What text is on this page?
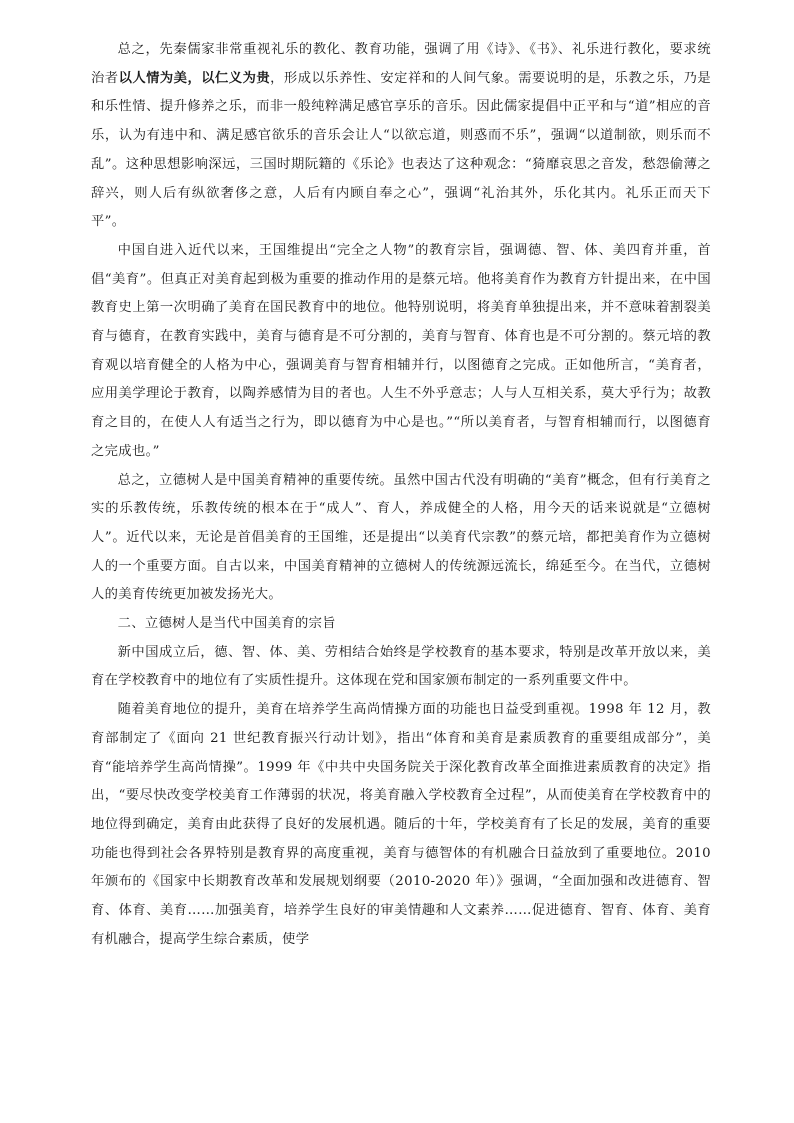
总之，先秦儒家非常重视礼乐的教化、教育功能，强调了用《诗》、《书》、礼乐进行教化，要求统治者以人情为美，以仁义为贵，形成以乐养性、安定祥和的人间气象。需要说明的是，乐教之乐，乃是和乐性情、提升修养之乐，而非一般纯粹满足感官享乐的音乐。因此儒家提倡中正平和与“道”相应的音乐，认为有违中和、满足感官欲乐的音乐会让人“以欲忘道，则惑而不乐”，强调“以道制欲，则乐而不乱”。这种思想影响深远，三国时期阮籍的《乐论》也表达了这种观念：“猗靡哀思之音发，愁怨偷薄之辞兴，则人后有纵欲奢侈之意，人后有内顾自奉之心”，强调“礼治其外，乐化其内。礼乐正而天下平”。

中国自进入近代以来，王国维提出“完全之人物”的教育宗旨，强调德、智、体、美四育并重，首倡“美育”。但真正对美育起到极为重要的推动作用的是蔡元培。他将美育作为教育方针提出来，在中国教育史上第一次明确了美育在国民教育中的地位。他特别说明，将美育单独提出来，并不意味着割裂美育与德育，在教育实践中，美育与德育是不可分割的，美育与智育、体育也是不可分割的。蔡元培的教育观以培育健全的人格为中心，强调美育与智育相辅并行，以图德育之完成。正如他所言，“美育者，应用美学理论于教育，以陶养感情为目的者也。人生不外乎意志；人与人互相关系，莫大乎行为；故教育之目的，在使人人有适当之行为，即以德育为中心是也。”“所以美育者，与智育相辅而行，以图德育之完成也。”

总之，立德树人是中国美育精神的重要传统。虽然中国古代没有明确的“美育”概念，但有行美育之实的乐教传统，乐教传统的根本在于“成人”、育人，养成健全的人格，用今天的话来说就是“立德树人”。近代以来，无论是首倡美育的王国维，还是提出“以美育代宗教”的蔡元培，都把美育作为立德树人的一个重要方面。自古以来，中国美育精神的立德树人的传统源远流长，绵延至今。在当代，立德树人的美育传统更加被发扬光大。

二、立德树人是当代中国美育的宗旨

新中国成立后，德、智、体、美、劳相结合始终是学校教育的基本要求，特别是改革开放以来，美育在学校教育中的地位有了实质性提升。这体现在党和国家颁布制定的一系列重要文件中。

随着美育地位的提升，美育在培养学生高尚情操方面的功能也日益受到重视。1998 年 12 月，教育部制定了《面向 21 世纪教育振兴行动计划》，指出“体育和美育是素质教育的重要组成部分”，美育“能培养学生高尚情操”。1999 年《中共中央国务院关于深化教育改革全面推进素质教育的决定》指出，“要尽快改变学校美育工作薄弱的状况，将美育融入学校教育全过程”，从而使美育在学校教育中的地位得到确定，美育由此获得了良好的发展机遇。随后的十年，学校美育有了长足的发展，美育的重要功能也得到社会各界特别是教育界的高度重视，美育与德智体的有机融合日益放到了重要地位。2010 年颁布的《国家中长期教育改革和发展规划纲要（2010-2020 年）》强调，“全面加强和改进德育、智育、体育、美育……加强美育，培养学生良好的审美情趣和人文素养……促进德育、智育、体育、美育有机融合，提高学生综合素质，使学
